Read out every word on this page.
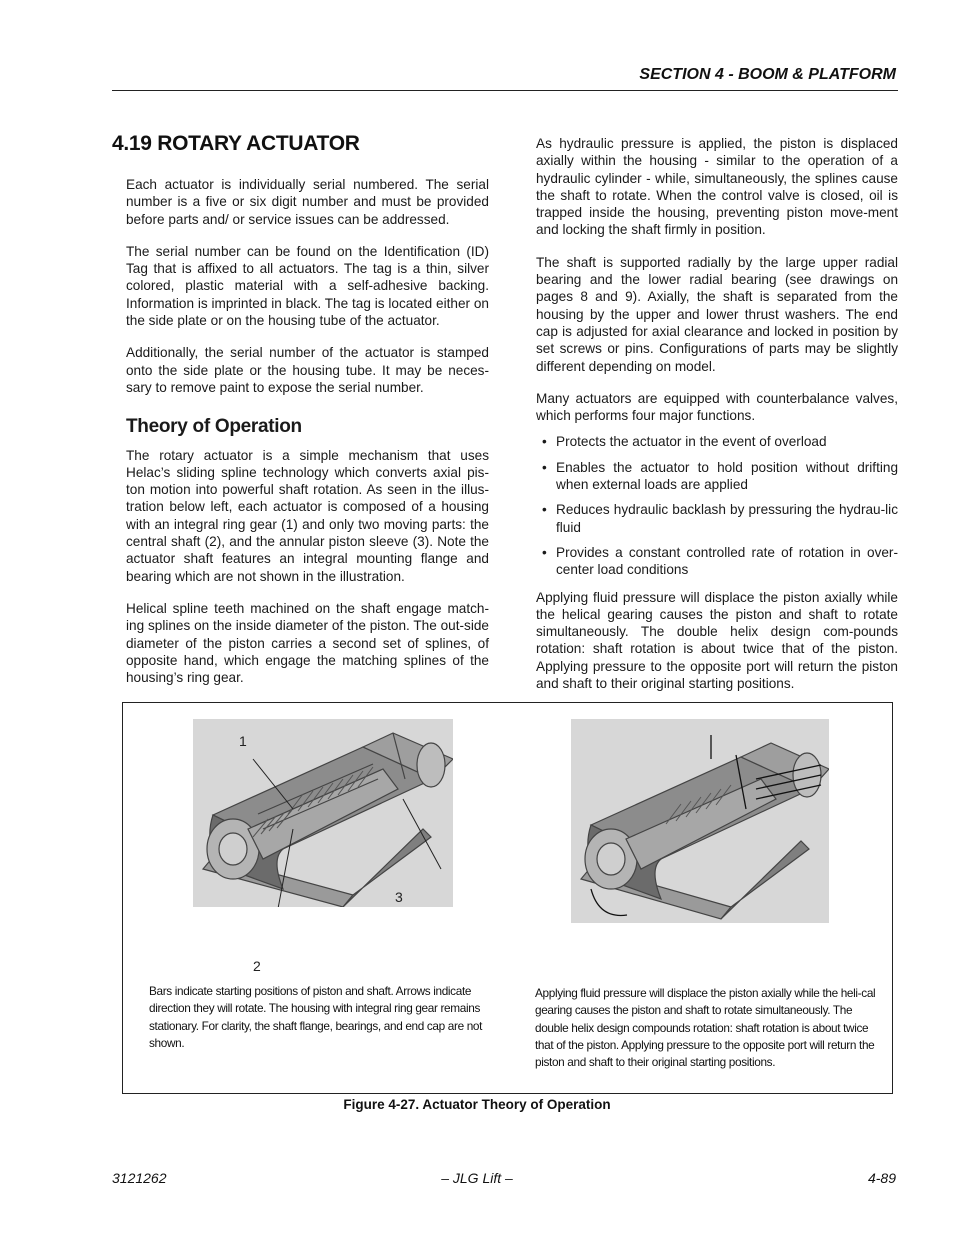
SECTION 4 - BOOM & PLATFORM
4.19 ROTARY ACTUATOR

Each actuator is individually serial numbered. The serial number is a five or six digit number and must be provided before parts and/ or service issues can be addressed.

The serial number can be found on the Identification (ID) Tag that is affixed to all actuators. The tag is a thin, silver colored, plastic material with a self-adhesive backing. Information is imprinted in black. The tag is located either on the side plate or on the housing tube of the actuator.

Additionally, the serial number of the actuator is stamped onto the side plate or the housing tube. It may be neces-sary to remove paint to expose the serial number.

Theory of Operation

The rotary actuator is a simple mechanism that uses Helac’s sliding spline technology which converts axial pis-ton motion into powerful shaft rotation. As seen in the illus-tration below left, each actuator is composed of a housing with an integral ring gear (1) and only two moving parts: the central shaft (2), and the annular piston sleeve (3). Note the actuator shaft features an integral mounting flange and bearing which are not shown in the illustration.

Helical spline teeth machined on the shaft engage match-ing splines on the inside diameter of the piston. The out-side diameter of the piston carries a second set of splines, of opposite hand, which engage the matching splines of the housing’s ring gear.

As hydraulic pressure is applied, the piston is displaced axially within the housing - similar to the operation of a hydraulic cylinder - while, simultaneously, the splines cause the shaft to rotate. When the control valve is closed, oil is trapped inside the housing, preventing piston move-ment and locking the shaft firmly in position.

The shaft is supported radially by the large upper radial bearing and the lower radial bearing (see drawings on pages 8 and 9). Axially, the shaft is separated from the housing by the upper and lower thrust washers. The end cap is adjusted for axial clearance and locked in position by set screws or pins. Configurations of parts may be slightly different depending on model.

Many actuators are equipped with counterbalance valves, which performs four major functions.

• Protects the actuator in the event of overload
• Enables the actuator to hold position without drifting when external loads are applied
• Reduces hydraulic backlash by pressuring the hydrau-lic fluid
• Provides a constant controlled rate of rotation in over-center load conditions

Applying fluid pressure will displace the piston axially while the helical gearing causes the piston and shaft to rotate simultaneously. The double helix design com-pounds rotation: shaft rotation is about twice that of the piston. Applying pressure to the opposite port will return the piston and shaft to their original starting positions.

1
3
2
Bars indicate starting positions of piston and shaft. Arrows indicate direction they will rotate. The housing with integral ring gear remains stationary. For clarity, the shaft flange, bearings, and end cap are not shown.
Applying fluid pressure will displace the piston axially while the heli-cal gearing causes the piston and shaft to rotate simultaneously. The double helix design compounds rotation: shaft rotation is about twice that of the piston. Applying pressure to the opposite port will return the piston and shaft to their original starting positions.
Figure 4-27. Actuator Theory of Operation
3121262	– JLG Lift –	4-89
